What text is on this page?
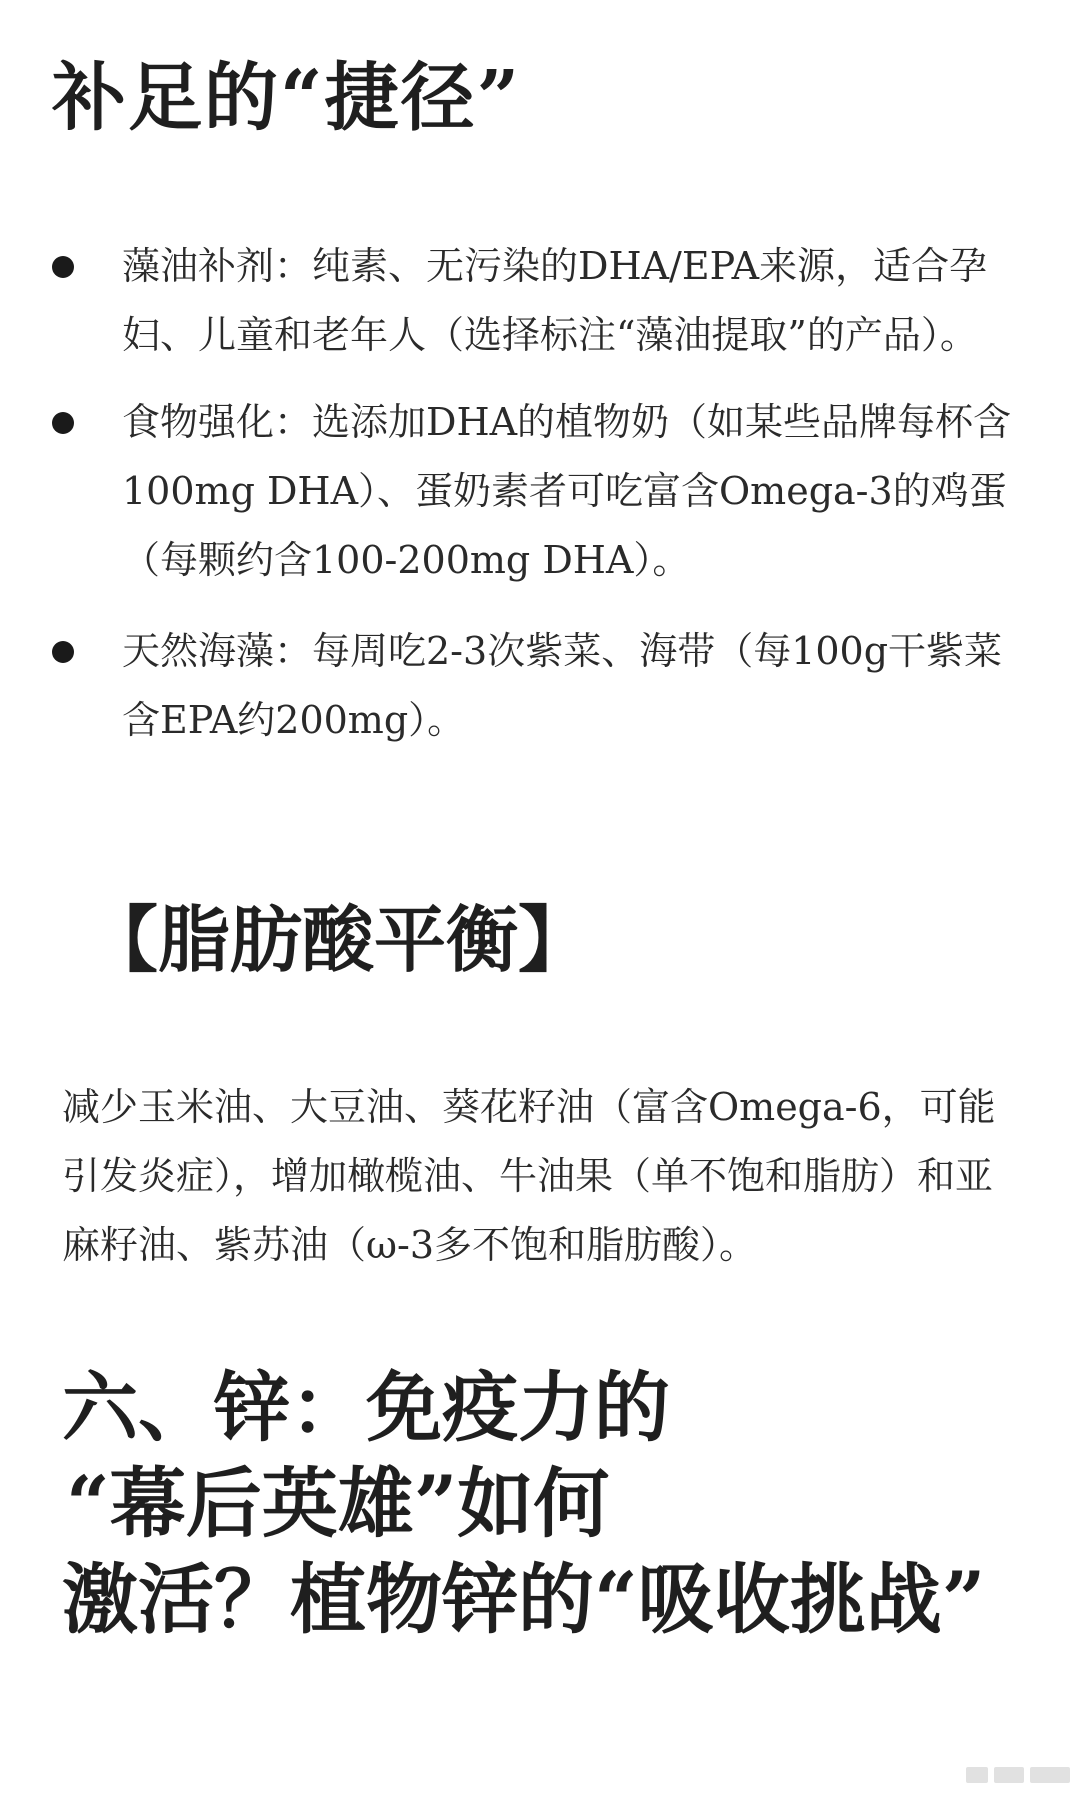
补足的“捷径”
藻油补剂：纯素、无污染的DHA/EPA来源，适合孕妇、儿童和老年人（选择标注“藻油提取”的产品）。
食物强化：选添加DHA的植物奶（如某些品牌每杯含100mg DHA）、蛋奶素者可吃富含Omega-3的鸡蛋（每颗约含100-200mg DHA）。
天然海藻：每周吃2-3次紫菜、海带（每100g干紫菜含EPA约200mg）。
【脂肪酸平衡】

减少玉米油、大豆油、葵花籽油（富含Omega-6，可能引发炎症），增加橄榄油、牛油果（单不饱和脂肪）和亚麻籽油、紫苏油（ω-3多不饱和脂肪酸）。

六、锌：免疫力的
“幕后英雄”如何
激活？植物锌的“吸收挑战”
